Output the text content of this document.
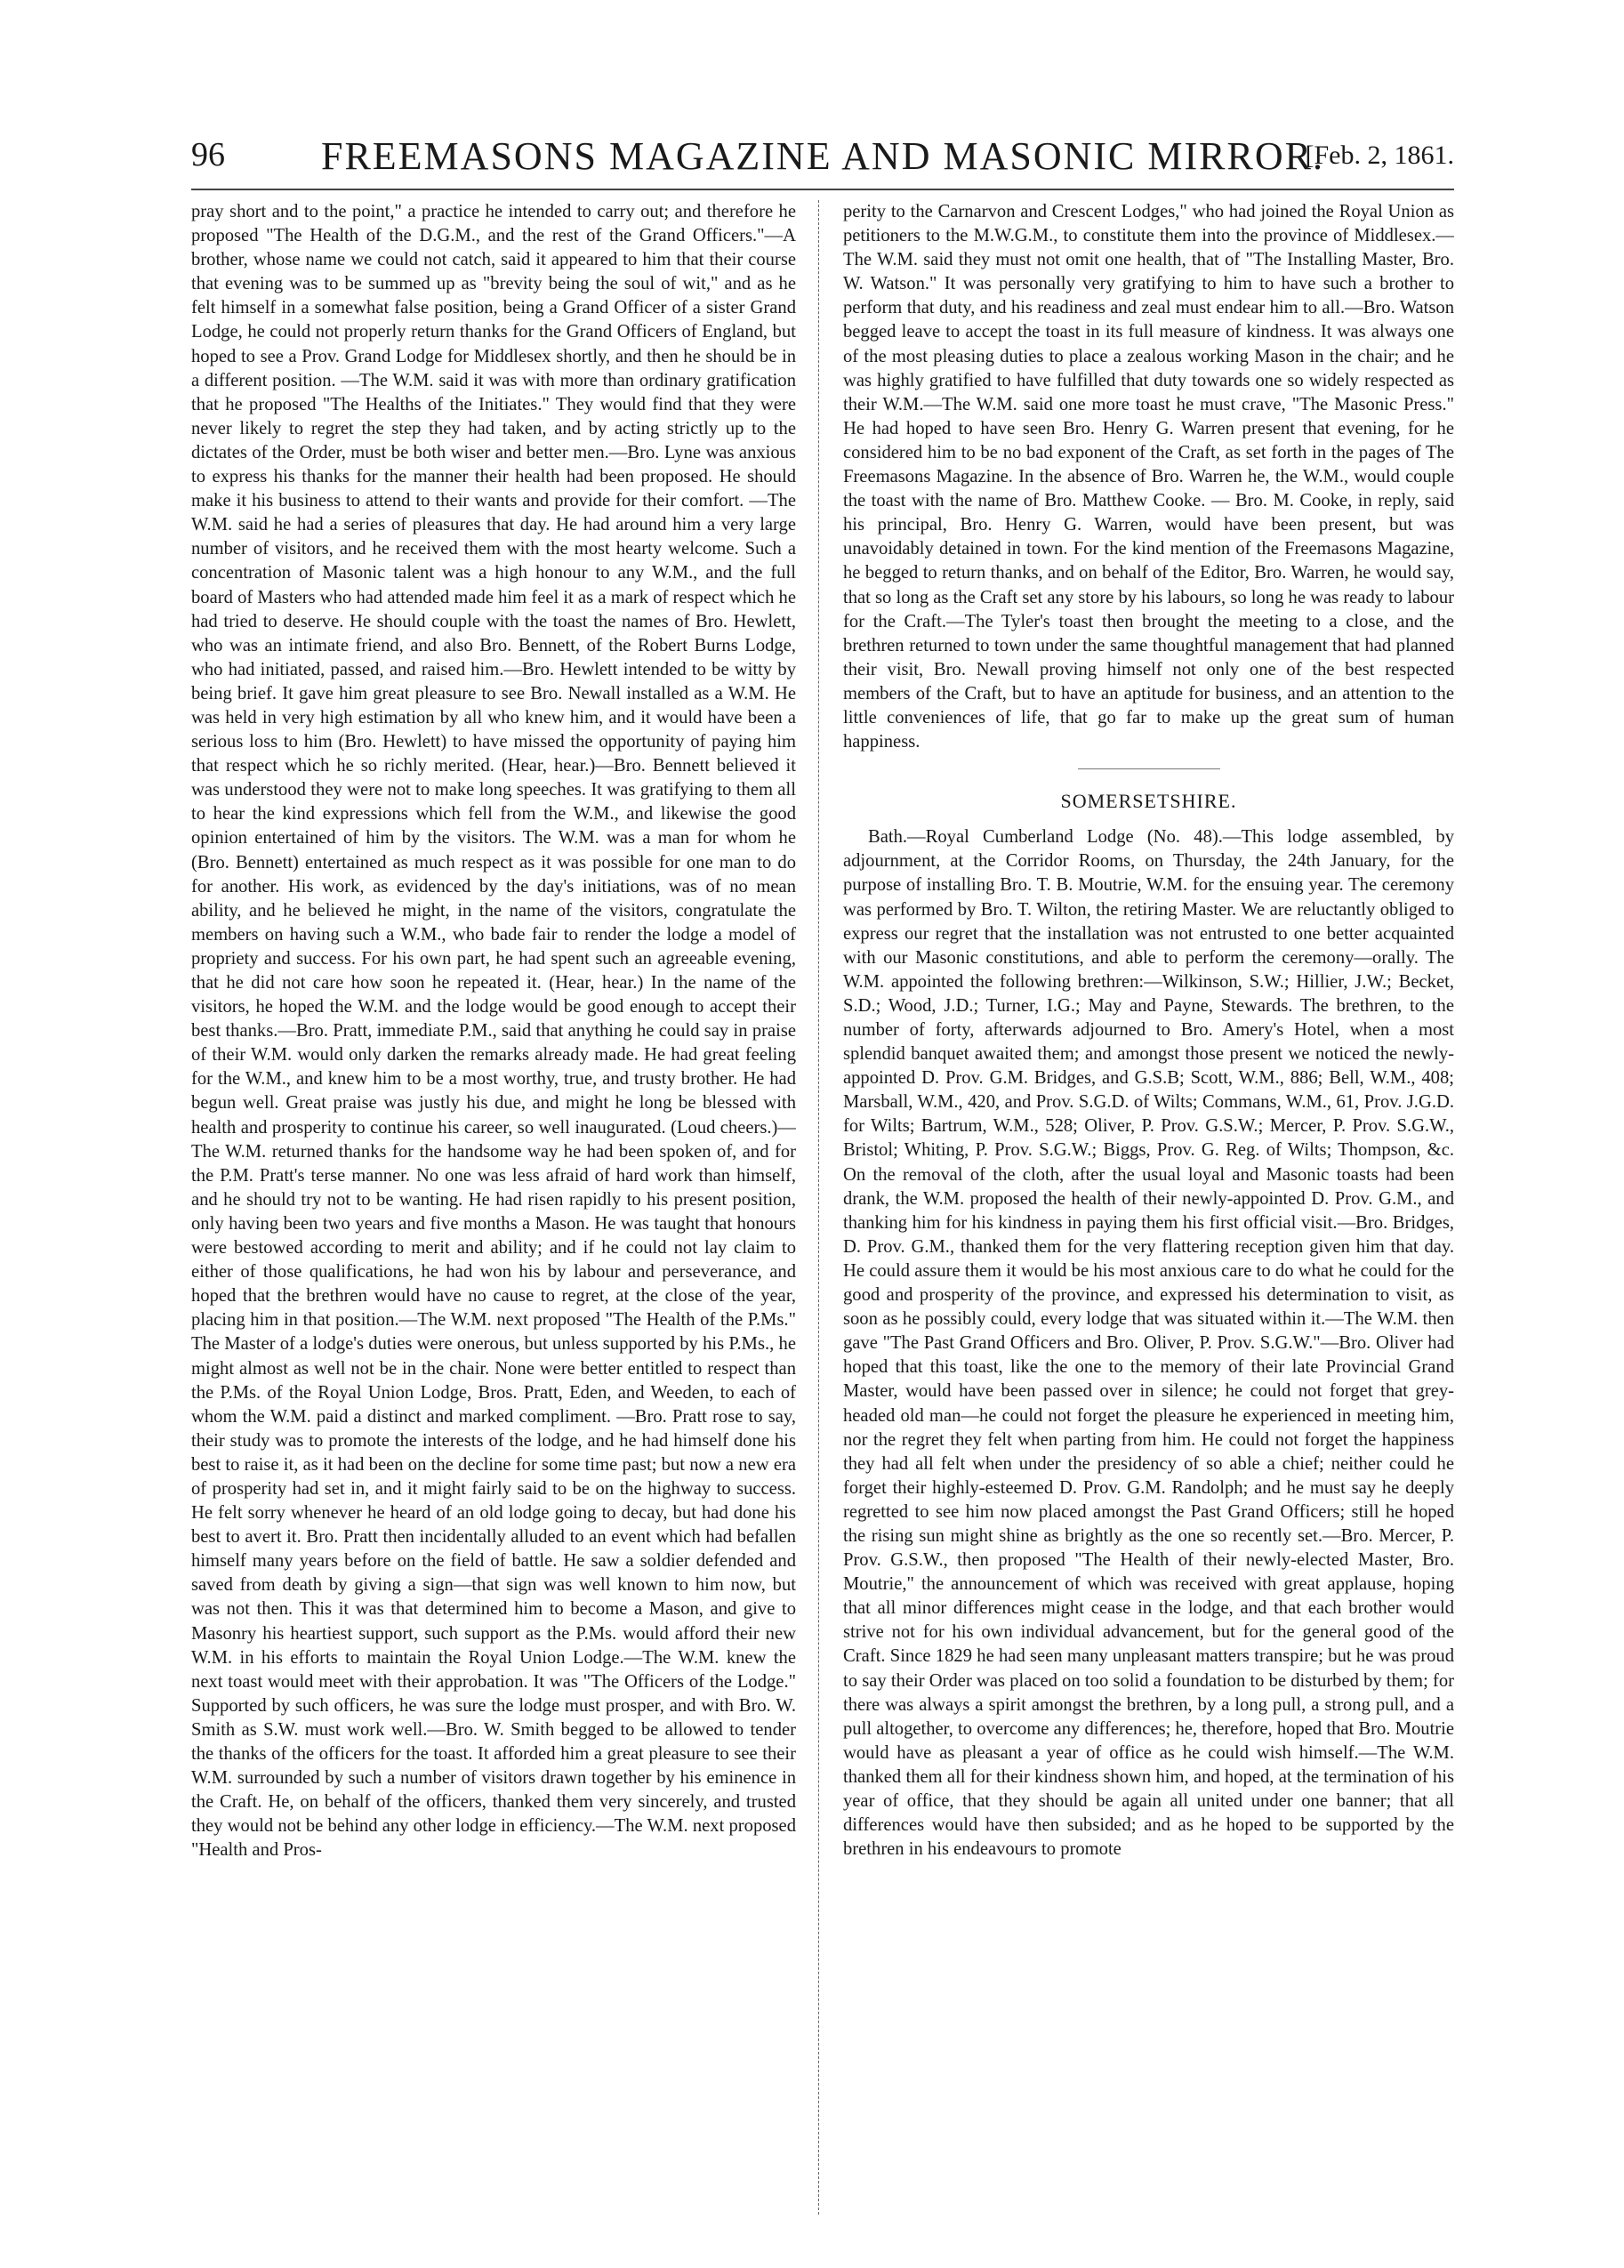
96	FREEMASONS MAGAZINE AND MASONIC MIRROR.
[Feb. 2, 1861.

pray short and to the point," a practice he intended to carry out; and therefore he proposed "The Health of the D.G.M., and the rest of the Grand Officers."—A brother, whose name we could not catch, said it appeared to him that their course that evening was to be summed up as "brevity being the soul of wit," and as he felt himself in a somewhat false position, being a Grand Officer of a sister Grand Lodge, he could not properly return thanks for the Grand Officers of England, but hoped to see a Prov. Grand Lodge for Middlesex shortly, and then he should be in a different position. —The W.M. said it was with more than ordinary gratification that he proposed "The Healths of the Initiates." They would find that they were never likely to regret the step they had taken, and by acting strictly up to the dictates of the Order, must be both wiser and better men.—Bro. Lyne was anxious to express his thanks for the manner their health had been proposed. He should make it his business to attend to their wants and provide for their comfort. —The W.M. said he had a series of pleasures that day. He had around him a very large number of visitors, and he received them with the most hearty welcome. Such a concentration of Masonic talent was a high honour to any W.M., and the full board of Masters who had attended made him feel it as a mark of respect which he had tried to deserve. He should couple with the toast the names of Bro. Hewlett, who was an intimate friend, and also Bro. Bennett, of the Robert Burns Lodge, who had initiated, passed, and raised him.—Bro. Hewlett intended to be witty by being brief. It gave him great pleasure to see Bro. Newall installed as a W.M. He was held in very high estimation by all who knew him, and it would have been a serious loss to him (Bro. Hewlett) to have missed the opportunity of paying him that respect which he so richly merited. (Hear, hear.)—Bro. Bennett believed it was understood they were not to make long speeches. It was gratifying to them all to hear the kind expressions which fell from the W.M., and likewise the good opinion entertained of him by the visitors. The W.M. was a man for whom he (Bro. Bennett) entertained as much respect as it was possible for one man to do for another. His work, as evidenced by the day's initiations, was of no mean ability, and he believed he might, in the name of the visitors, congratulate the members on having such a W.M., who bade fair to render the lodge a model of propriety and success. For his own part, he had spent such an agreeable evening, that he did not care how soon he repeated it. (Hear, hear.) In the name of the visitors, he hoped the W.M. and the lodge would be good enough to accept their best thanks.—Bro. Pratt, immediate P.M., said that anything he could say in praise of their W.M. would only darken the remarks already made. He had great feeling for the W.M., and knew him to be a most worthy, true, and trusty brother. He had begun well. Great praise was justly his due, and might he long be blessed with health and prosperity to continue his career, so well inaugurated. (Loud cheers.)—The W.M. returned thanks for the handsome way he had been spoken of, and for the P.M. Pratt's terse manner. No one was less afraid of hard work than himself, and he should try not to be wanting. He had risen rapidly to his present position, only having been two years and five months a Mason. He was taught that honours were bestowed according to merit and ability; and if he could not lay claim to either of those qualifications, he had won his by labour and perseverance, and hoped that the brethren would have no cause to regret, at the close of the year, placing him in that position.—The W.M. next proposed "The Health of the P.Ms." The Master of a lodge's duties were onerous, but unless supported by his P.Ms., he might almost as well not be in the chair. None were better entitled to respect than the P.Ms. of the Royal Union Lodge, Bros. Pratt, Eden, and Weeden, to each of whom the W.M. paid a distinct and marked compliment. —Bro. Pratt rose to say, their study was to promote the interests of the lodge, and he had himself done his best to raise it, as it had been on the decline for some time past; but now a new era of prosperity had set in, and it might fairly said to be on the highway to success. He felt sorry whenever he heard of an old lodge going to decay, but had done his best to avert it. Bro. Pratt then incidentally alluded to an event which had befallen himself many years before on the field of battle. He saw a soldier defended and saved from death by giving a sign—that sign was well known to him now, but was not then. This it was that determined him to become a Mason, and give to Masonry his heartiest support, such support as the P.Ms. would afford their new W.M. in his efforts to maintain the Royal Union Lodge.—The W.M. knew the next toast would meet with their approbation. It was "The Officers of the Lodge." Supported by such officers, he was sure the lodge must prosper, and with Bro. W. Smith as S.W. must work well.—Bro. W. Smith begged to be allowed to tender the thanks of the officers for the toast. It afforded him a great pleasure to see their W.M. surrounded by such a number of visitors drawn together by his eminence in the Craft. He, on behalf of the officers, thanked them very sincerely, and trusted they would not be behind any other lodge in efficiency.—The W.M. next proposed "Health and Pros-

perity to the Carnarvon and Crescent Lodges," who had joined the Royal Union as petitioners to the M.W.G.M., to constitute them into the province of Middlesex.—The W.M. said they must not omit one health, that of "The Installing Master, Bro. W. Watson." It was personally very gratifying to him to have such a brother to perform that duty, and his readiness and zeal must endear him to all.—Bro. Watson begged leave to accept the toast in its full measure of kindness. It was always one of the most pleasing duties to place a zealous working Mason in the chair; and he was highly gratified to have fulfilled that duty towards one so widely respected as their W.M.—The W.M. said one more toast he must crave, "The Masonic Press." He had hoped to have seen Bro. Henry G. Warren present that evening, for he considered him to be no bad exponent of the Craft, as set forth in the pages of The Freemasons Magazine. In the absence of Bro. Warren he, the W.M., would couple the toast with the name of Bro. Matthew Cooke. — Bro. M. Cooke, in reply, said his principal, Bro. Henry G. Warren, would have been present, but was unavoidably detained in town. For the kind mention of the Freemasons Magazine, he begged to return thanks, and on behalf of the Editor, Bro. Warren, he would say, that so long as the Craft set any store by his labours, so long he was ready to labour for the Craft.—The Tyler's toast then brought the meeting to a close, and the brethren returned to town under the same thoughtful management that had planned their visit, Bro. Newall proving himself not only one of the best respected members of the Craft, but to have an aptitude for business, and an attention to the little conveniences of life, that go far to make up the great sum of human happiness.

SOMERSETSHIRE.

Bath.—Royal Cumberland Lodge (No. 48).—This lodge assembled, by adjournment, at the Corridor Rooms, on Thursday, the 24th January, for the purpose of installing Bro. T. B. Moutrie, W.M. for the ensuing year. The ceremony was performed by Bro. T. Wilton, the retiring Master. We are reluctantly obliged to express our regret that the installation was not entrusted to one better acquainted with our Masonic constitutions, and able to perform the ceremony—orally. The W.M. appointed the following brethren:—Wilkinson, S.W.; Hillier, J.W.; Becket, S.D.; Wood, J.D.; Turner, I.G.; May and Payne, Stewards. The brethren, to the number of forty, afterwards adjourned to Bro. Amery's Hotel, when a most splendid banquet awaited them; and amongst those present we noticed the newly-appointed D. Prov. G.M. Bridges, and G.S.B; Scott, W.M., 886; Bell, W.M., 408; Marsball, W.M., 420, and Prov. S.G.D. of Wilts; Commans, W.M., 61, Prov. J.G.D. for Wilts; Bartrum, W.M., 528; Oliver, P. Prov. G.S.W.; Mercer, P. Prov. S.G.W., Bristol; Whiting, P. Prov. S.G.W.; Biggs, Prov. G. Reg. of Wilts; Thompson, &c. On the removal of the cloth, after the usual loyal and Masonic toasts had been drank, the W.M. proposed the health of their newly-appointed D. Prov. G.M., and thanking him for his kindness in paying them his first official visit.—Bro. Bridges, D. Prov. G.M., thanked them for the very flattering reception given him that day. He could assure them it would be his most anxious care to do what he could for the good and prosperity of the province, and expressed his determination to visit, as soon as he possibly could, every lodge that was situated within it.—The W.M. then gave "The Past Grand Officers and Bro. Oliver, P. Prov. S.G.W."—Bro. Oliver had hoped that this toast, like the one to the memory of their late Provincial Grand Master, would have been passed over in silence; he could not forget that grey-headed old man—he could not forget the pleasure he experienced in meeting him, nor the regret they felt when parting from him. He could not forget the happiness they had all felt when under the presidency of so able a chief; neither could he forget their highly-esteemed D. Prov. G.M. Randolph; and he must say he deeply regretted to see him now placed amongst the Past Grand Officers; still he hoped the rising sun might shine as brightly as the one so recently set.—Bro. Mercer, P. Prov. G.S.W., then proposed "The Health of their newly-elected Master, Bro. Moutrie," the announcement of which was received with great applause, hoping that all minor differences might cease in the lodge, and that each brother would strive not for his own individual advancement, but for the general good of the Craft. Since 1829 he had seen many unpleasant matters transpire; but he was proud to say their Order was placed on too solid a foundation to be disturbed by them; for there was always a spirit amongst the brethren, by a long pull, a strong pull, and a pull altogether, to overcome any differences; he, therefore, hoped that Bro. Moutrie would have as pleasant a year of office as he could wish himself.—The W.M. thanked them all for their kindness shown him, and hoped, at the termination of his year of office, that they should be again all united under one banner; that all differences would have then subsided; and as he hoped to be supported by the brethren in his endeavours to promote
